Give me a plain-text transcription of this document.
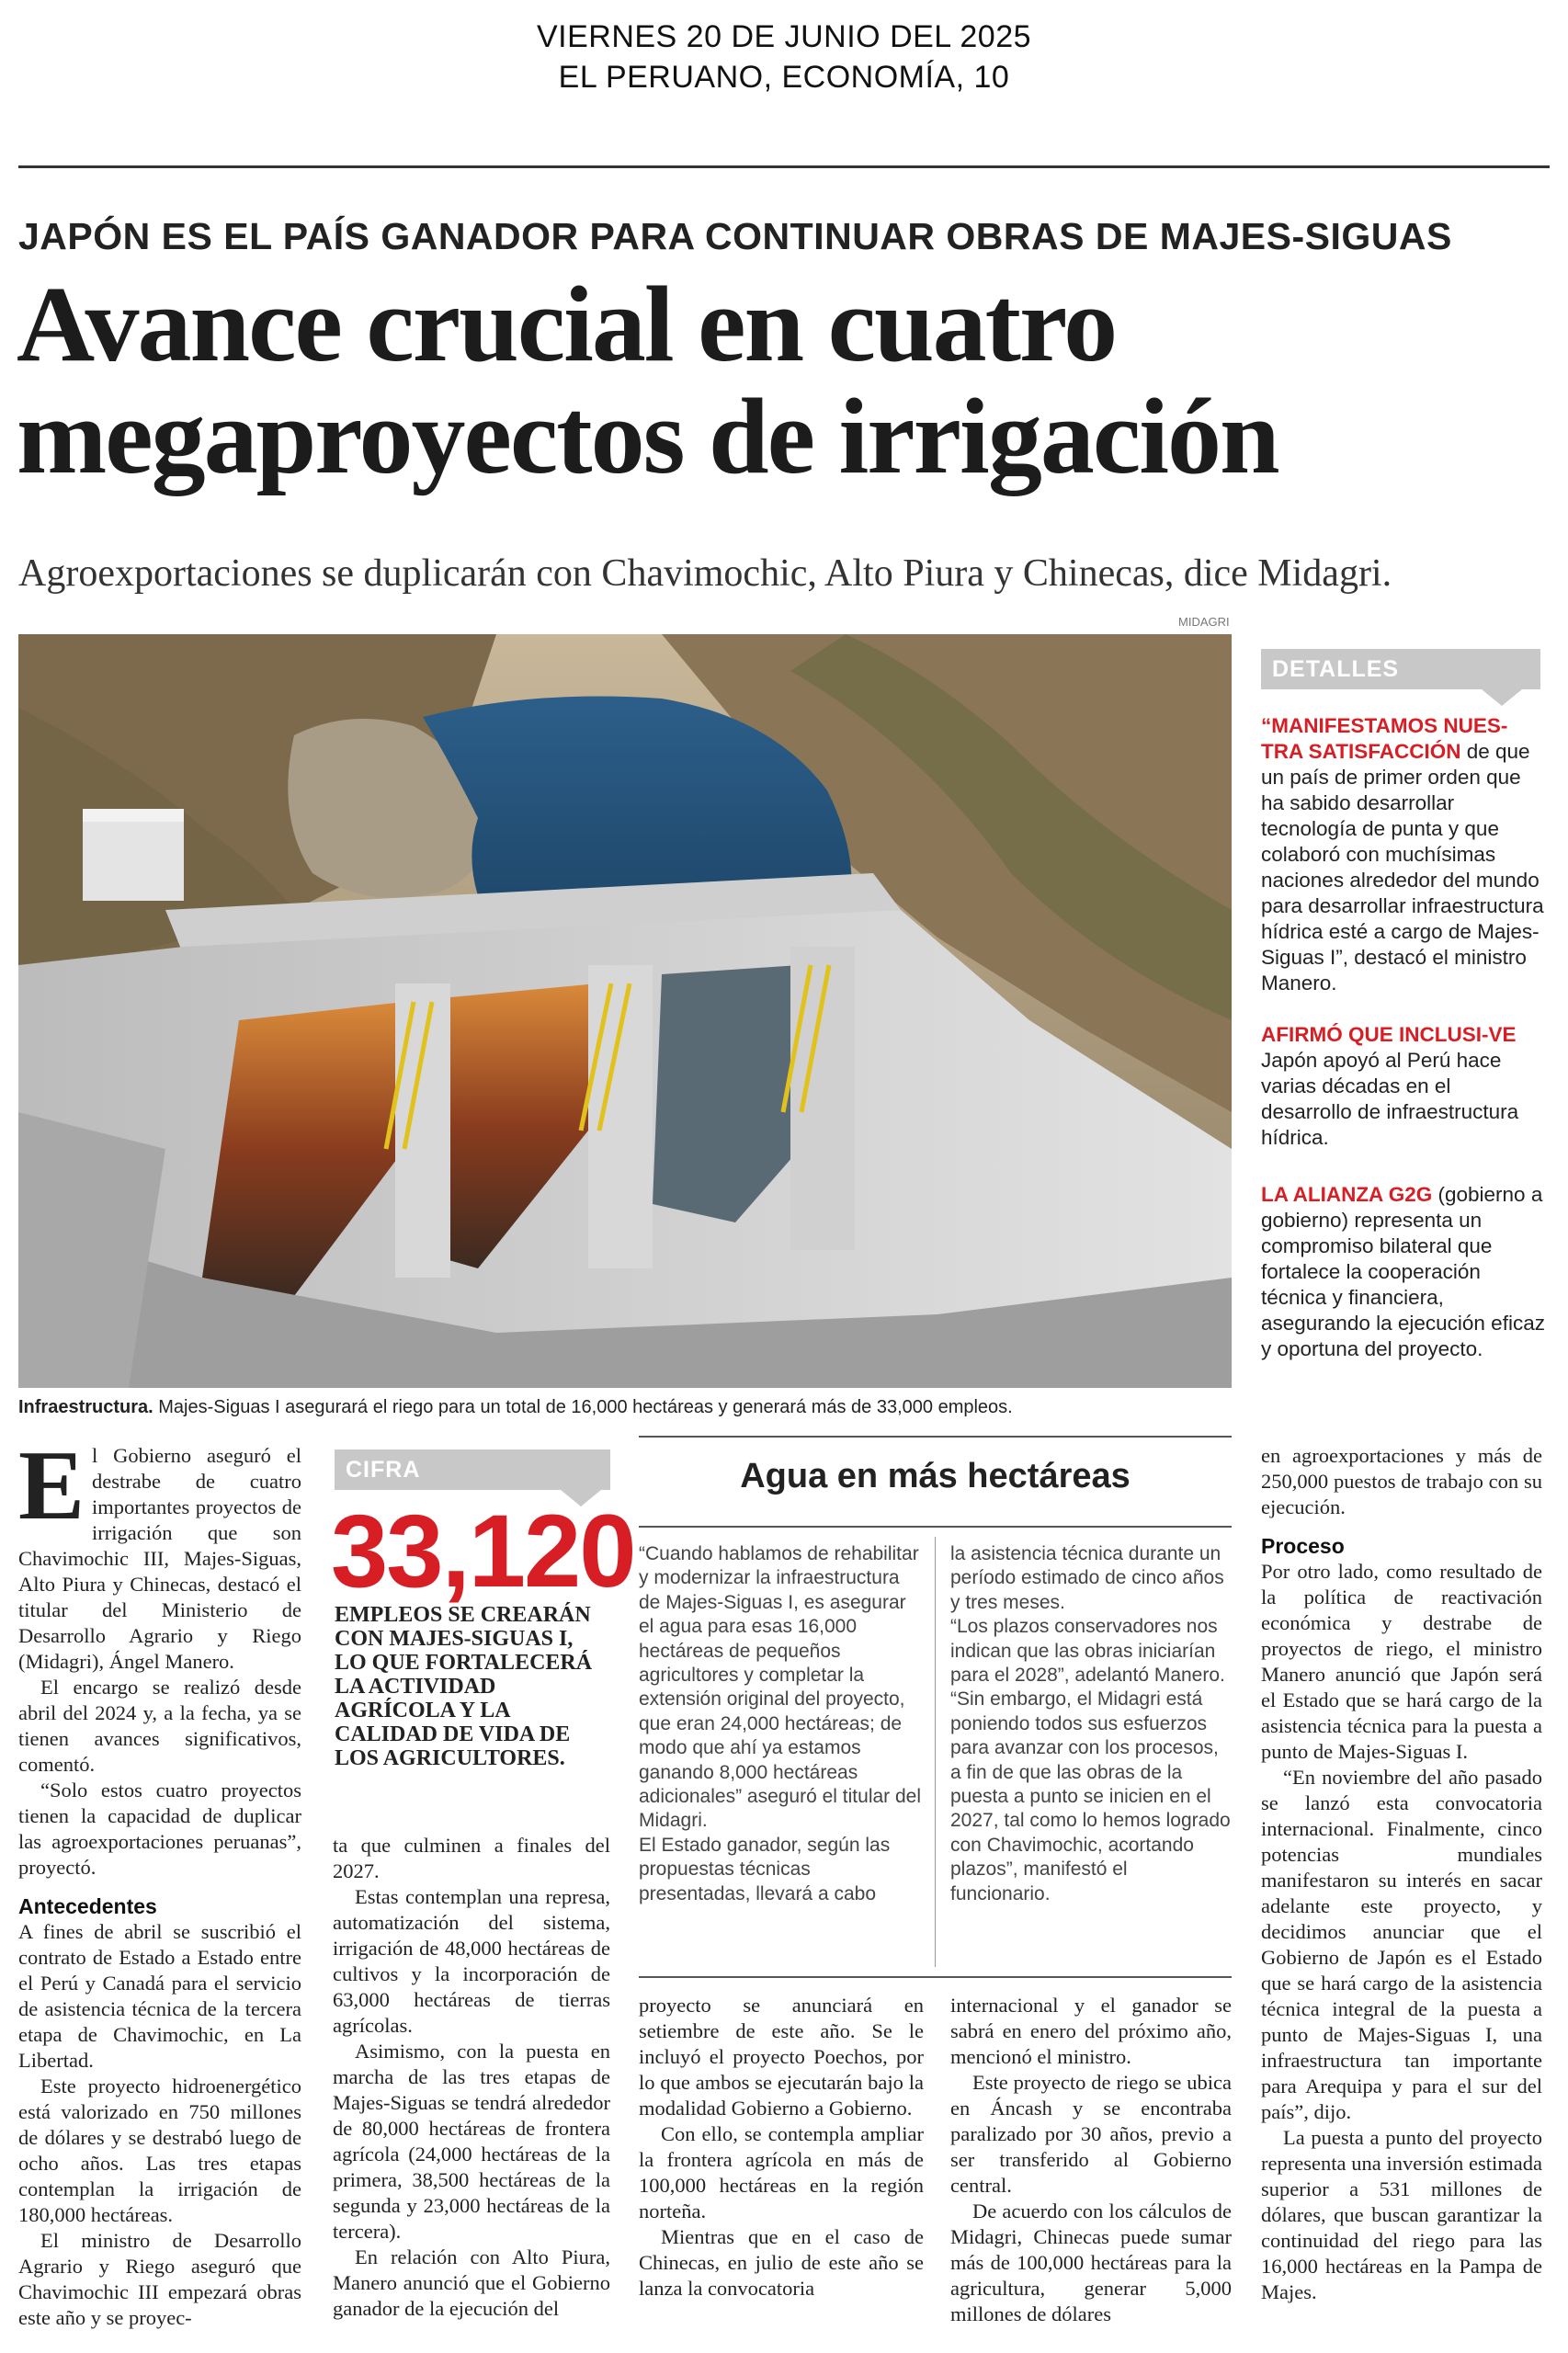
VIERNES 20 DE JUNIO DEL 2025
EL PERUANO, ECONOMÍA, 10
JAPÓN ES EL PAÍS GANADOR PARA CONTINUAR OBRAS DE MAJES-SIGUAS
Avance crucial en cuatro
megaproyectos de irrigación
Agroexportaciones se duplicarán con Chavimochic, Alto Piura y Chinecas, dice Midagri.
MIDAGRI
Infraestructura. Majes-Siguas I asegurará el riego para un total de 16,000 hectáreas y generará más de 33,000 empleos.
DETALLES
“MANIFESTAMOS NUES-TRA SATISFACCIÓN de que un país de primer orden que ha sabido desarrollar tecnología de punta y que colaboró con muchísimas naciones alrededor del mundo para desarrollar infraestructura hídrica esté a cargo de Majes-Siguas I”, destacó el ministro Manero.
AFIRMÓ QUE INCLUSI-VE Japón apoyó al Perú hace varias décadas en el desarrollo de infraestructura hídrica.
LA ALIANZA G2G (gobierno a gobierno) representa un compromiso bilateral que fortalece la cooperación técnica y financiera, asegurando la ejecución eficaz y oportuna del proyecto.

El Gobierno aseguró el destrabe de cuatro importantes proyectos de irrigación que son Chavimochic III, Majes-Siguas, Alto Piura y Chinecas, destacó el titular del Ministerio de Desarrollo Agrario y Riego (Midagri), Ángel Manero.

El encargo se realizó desde abril del 2024 y, a la fecha, ya se tienen avances significativos, comentó.

“Solo estos cuatro proyectos tienen la capacidad de duplicar las agroexportaciones peruanas”, proyectó.

Antecedentes

A fines de abril se suscribió el contrato de Estado a Estado entre el Perú y Canadá para el servicio de asistencia técnica de la tercera etapa de Chavimochic, en La Libertad.

Este proyecto hidroenergético está valorizado en 750 millones de dólares y se destrabó luego de ocho años. Las tres etapas contemplan la irrigación de 180,000 hectáreas.

El ministro de Desarrollo Agrario y Riego aseguró que Chavimochic III empezará obras este año y se proyec-

CIFRA
33,120
EMPLEOS SE CREARÁN CON MAJES-SIGUAS I, LO QUE FORTALECERÁ LA ACTIVIDAD AGRÍCOLA Y LA CALIDAD DE VIDA DE LOS AGRICULTORES.

ta que culminen a finales del 2027.

Estas contemplan una represa, automatización del sistema, irrigación de 48,000 hectáreas de cultivos y la incorporación de 63,000 hectáreas de tierras agrícolas.

Asimismo, con la puesta en marcha de las tres etapas de Majes-Siguas se tendrá alrededor de 80,000 hectáreas de frontera agrícola (24,000 hectáreas de la primera, 38,500 hectáreas de la segunda y 23,000 hectáreas de la tercera).

En relación con Alto Piura, Manero anunció que el Gobierno ganador de la ejecución del

Agua en más hectáreas

“Cuando hablamos de rehabilitar y modernizar la infraestructura de Majes-Siguas I, es asegurar el agua para esas 16,000 hectáreas de pequeños agricultores y completar la extensión original del proyecto, que eran 24,000 hectáreas; de modo que ahí ya estamos ganando 8,000 hectáreas adicionales” aseguró el titular del Midagri.

El Estado ganador, según las propuestas técnicas presentadas, llevará a cabo

la asistencia técnica durante un período estimado de cinco años y tres meses.

“Los plazos conservadores nos indican que las obras iniciarían para el 2028”, adelantó Manero. “Sin embargo, el Midagri está poniendo todos sus esfuerzos para avanzar con los procesos, a fin de que las obras de la puesta a punto se inicien en el 2027, tal como lo hemos logrado con Chavimochic, acortando plazos”, manifestó el funcionario.

proyecto se anunciará en setiembre de este año. Se le incluyó el proyecto Poechos, por lo que ambos se ejecutarán bajo la modalidad Gobierno a Gobierno.

Con ello, se contempla ampliar la frontera agrícola en más de 100,000 hectáreas en la región norteña.

Mientras que en el caso de Chinecas, en julio de este año se lanza la convocatoria

internacional y el ganador se sabrá en enero del próximo año, mencionó el ministro.

Este proyecto de riego se ubica en Áncash y se encontraba paralizado por 30 años, previo a ser transferido al Gobierno central.

De acuerdo con los cálculos de Midagri, Chinecas puede sumar más de 100,000 hectáreas para la agricultura, generar 5,000 millones de dólares

en agroexportaciones y más de 250,000 puestos de trabajo con su ejecución.

Proceso

Por otro lado, como resultado de la política de reactivación económica y destrabe de proyectos de riego, el ministro Manero anunció que Japón será el Estado que se hará cargo de la asistencia técnica para la puesta a punto de Majes-Siguas I.

“En noviembre del año pasado se lanzó esta convocatoria internacional. Finalmente, cinco potencias mundiales manifestaron su interés en sacar adelante este proyecto, y decidimos anunciar que el Gobierno de Japón es el Estado que se hará cargo de la asistencia técnica integral de la puesta a punto de Majes-Siguas I, una infraestructura tan importante para Arequipa y para el sur del país”, dijo.

La puesta a punto del proyecto representa una inversión estimada superior a 531 millones de dólares, que buscan garantizar la continuidad del riego para las 16,000 hectáreas en la Pampa de Majes.
